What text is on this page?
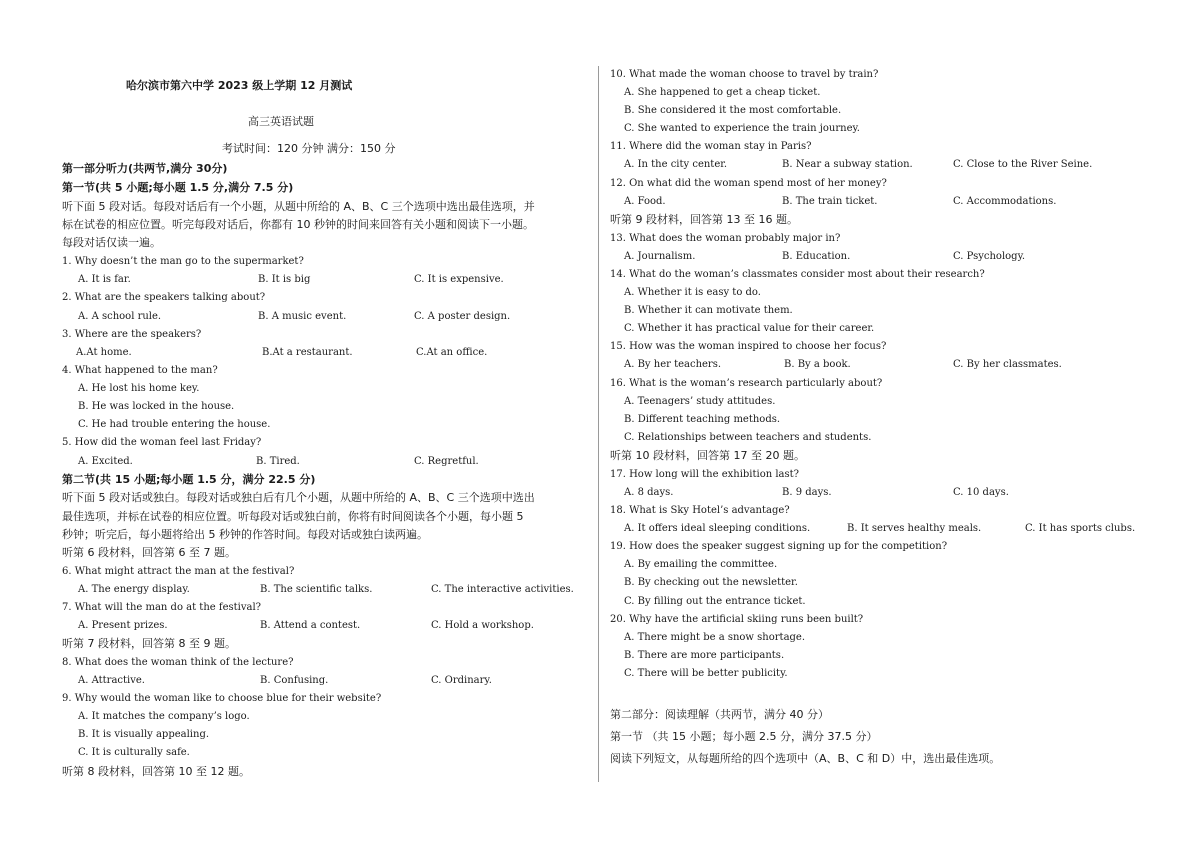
哈尔滨市第六中学 2023 级上学期 12 月测试
高三英语试题
考试时间：120 分钟 满分：150 分
第一部分听力(共两节,满分 30分)
第一节(共 5 小题;每小题 1.5 分,满分 7.5 分)
听下面 5 段对话。每段对话后有一个小题，从题中所给的 A、B、C 三个选项中选出最佳选项，并
标在试卷的相应位置。听完每段对话后，你都有 10 秒钟的时间来回答有关小题和阅读下一小题。
每段对话仅读一遍。
1. Why doesn’t the man go to the supermarket?
A. It is far.	B. It is big	C. It is expensive.
2. What are the speakers talking about?
A. A school rule.	B. A music event.	C. A poster design.
3. Where are the speakers?
A.At home.	B.At a restaurant.	C.At an office.
4. What happened to the man?
A. He lost his home key.
B. He was locked in the house.
C. He had trouble entering the house.
5. How did the woman feel last Friday?
A. Excited.	B. Tired.	C. Regretful.
第二节(共 15 小题;每小题 1.5 分，满分 22.5 分)
听下面 5 段对话或独白。每段对话或独白后有几个小题，从题中所给的 A、B、C 三个选项中选出
最佳选项，并标在试卷的相应位置。听每段对话或独白前，你将有时间阅读各个小题，每小题 5
秒钟；听完后，每小题将给出 5 秒钟的作答时间。每段对话或独白读两遍。
听第 6 段材料，回答第 6 至 7 题。
6. What might attract the man at the festival?
A. The energy display.	B. The scientific talks.	C. The interactive activities.
7. What will the man do at the festival?
A. Present prizes.	B. Attend a contest.	C. Hold a workshop.
听第 7 段材料，回答第 8 至 9 题。
8. What does the woman think of the lecture?
A. Attractive.	B. Confusing.	C. Ordinary.
9. Why would the woman like to choose blue for their website?
A. It matches the company’s logo.
B. It is visually appealing.
C. It is culturally safe.
听第 8 段材料，回答第 10 至 12 题。
10. What made the woman choose to travel by train?
A. She happened to get a cheap ticket.
B. She considered it the most comfortable.
C. She wanted to experience the train journey.
11. Where did the woman stay in Paris?
A. In the city center.	B. Near a subway station.	C. Close to the River Seine.
12. On what did the woman spend most of her money?
A. Food.	B. The train ticket.	C. Accommodations.
听第 9 段材料，回答第 13 至 16 题。
13. What does the woman probably major in?
A. Journalism.	B. Education.	C. Psychology.
14. What do the woman’s classmates consider most about their research?
A. Whether it is easy to do.
B. Whether it can motivate them.
C. Whether it has practical value for their career.
15. How was the woman inspired to choose her focus?
A. By her teachers.	B. By a book.	C. By her classmates.
16. What is the woman’s research particularly about?
A. Teenagers’ study attitudes.
B. Different teaching methods.
C. Relationships between teachers and students.
听第 10 段材料，回答第 17 至 20 题。
17. How long will the exhibition last?
A. 8 days.	B. 9 days.	C. 10 days.
18. What is Sky Hotel’s advantage?
A. It offers ideal sleeping conditions.	B. It serves healthy meals.	C. It has sports clubs.
19. How does the speaker suggest signing up for the competition?
A. By emailing the committee.
B. By checking out the newsletter.
C. By filling out the entrance ticket.
20. Why have the artificial skiing runs been built?
A. There might be a snow shortage.
B. There are more participants.
C. There will be better publicity.
第二部分：阅读理解（共两节，满分 40 分）
第一节 （共 15 小题；每小题 2.5 分，满分 37.5 分）
阅读下列短文，从每题所给的四个选项中（A、B、C 和 D）中，选出最佳选项。
